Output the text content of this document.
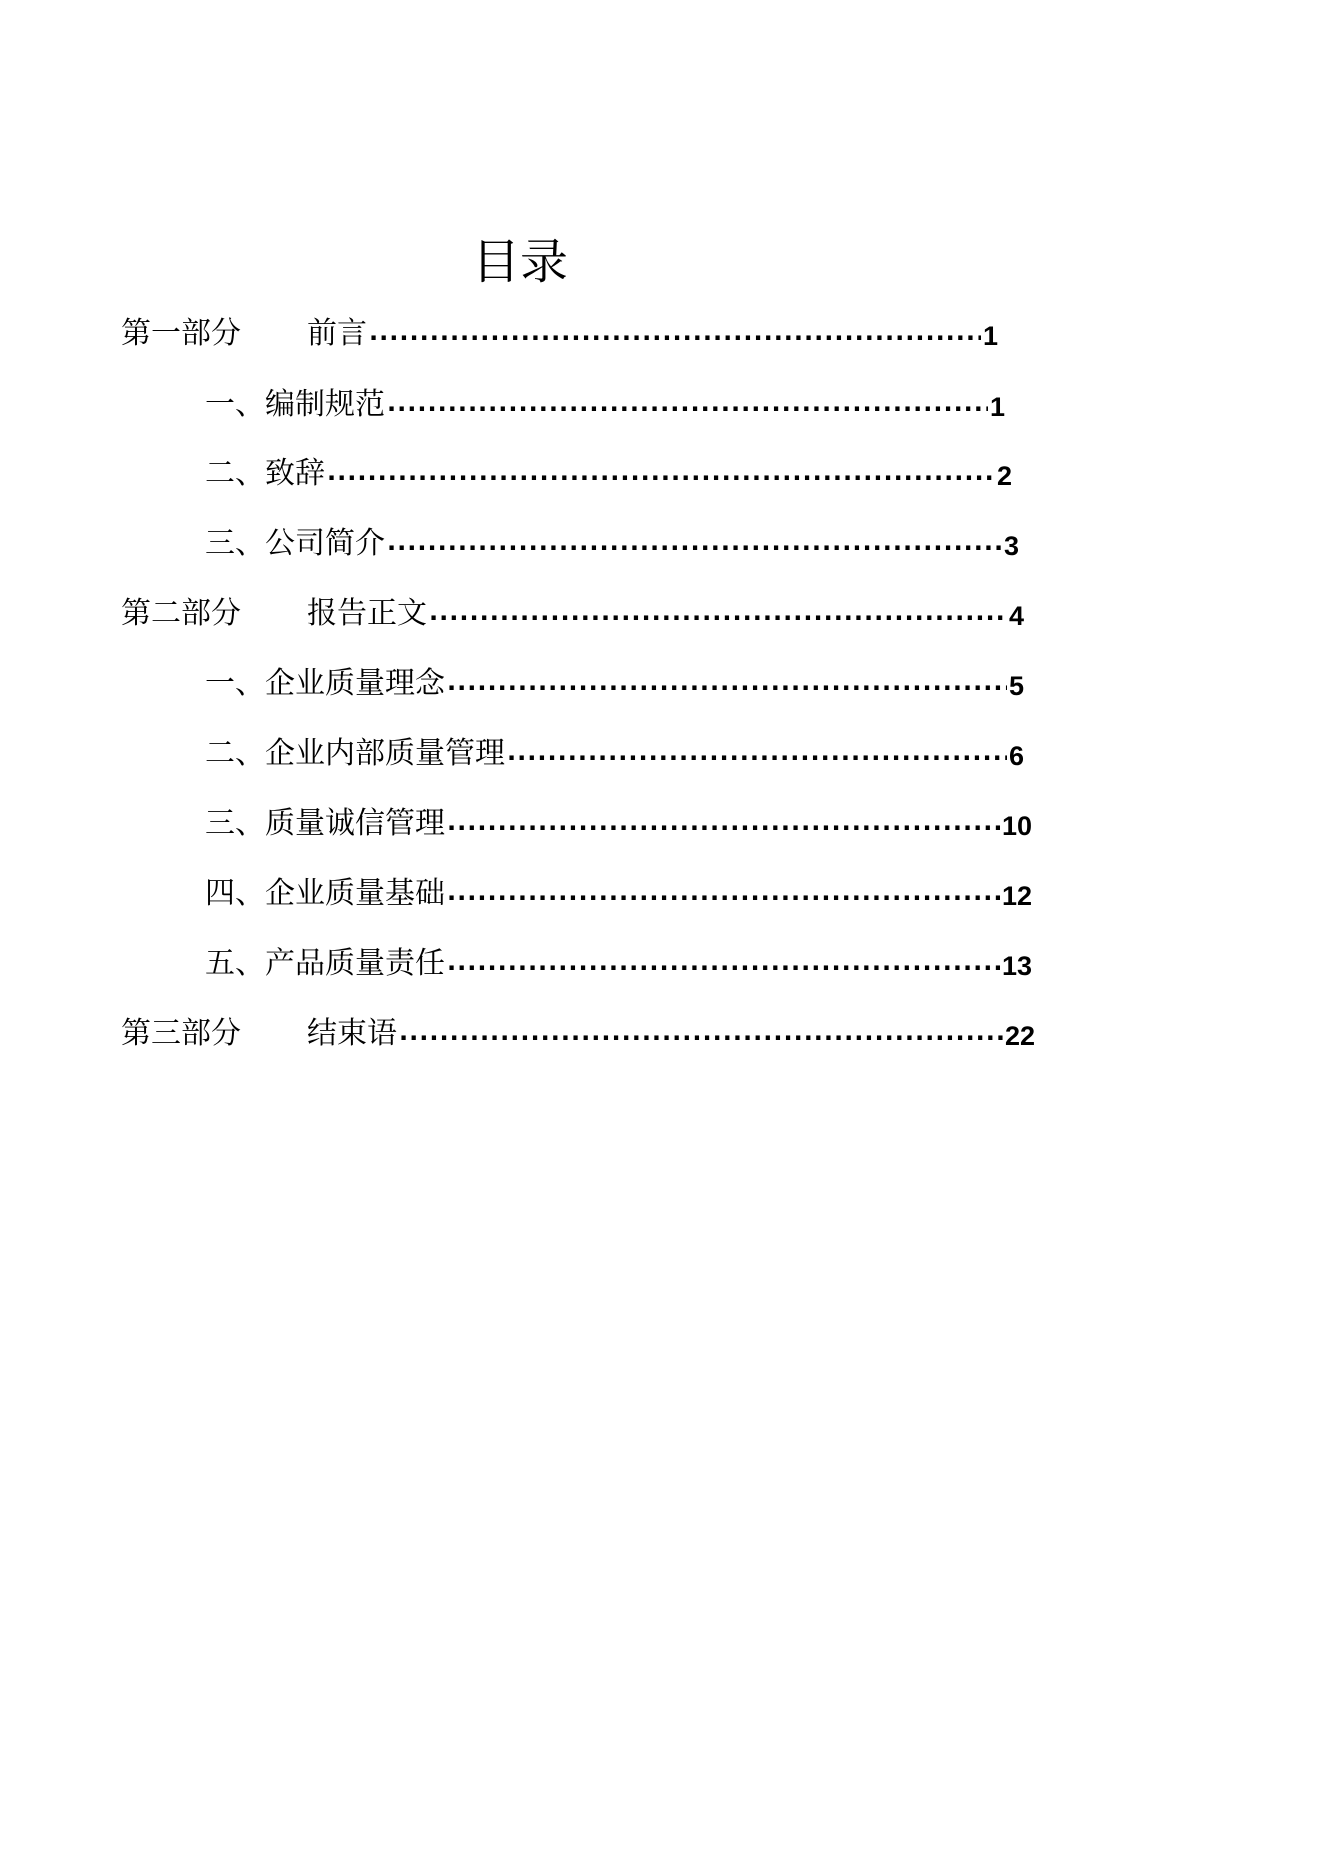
目录
第一部分 前言 .....	1
一、编制规范 .....	1
二、致辞 .....	2
三、公司简介 .....	3
第二部分 报告正文 .....	4
一、企业质量理念 .....	5
二、企业内部质量管理 .....	6
三、质量诚信管理 .....	10
四、企业质量基础 .....	12
五、产品质量责任 .....	13
第三部分 结束语 .....	22
